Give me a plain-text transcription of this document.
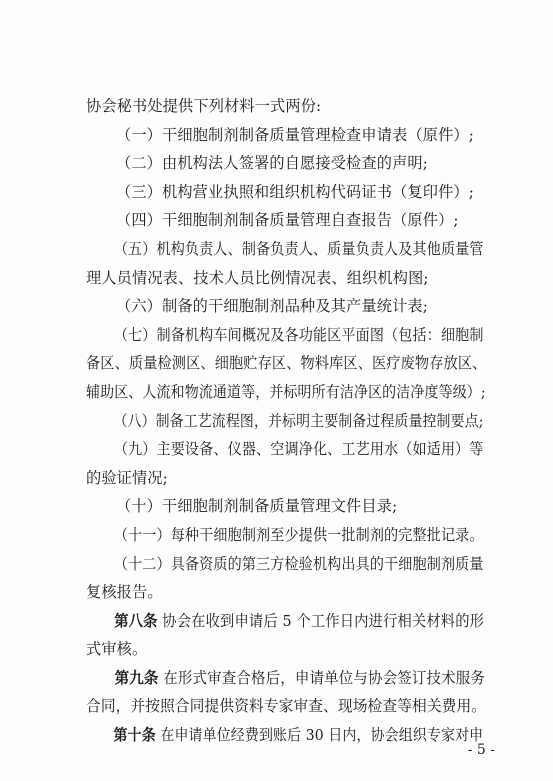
协会秘书处提供下列材料一式两份:
（一）干细胞制剂制备质量管理检查申请表（原件）;
（二）由机构法人签署的自愿接受检查的声明;
（三）机构营业执照和组织机构代码证书（复印件）;
（四）干细胞制剂制备质量管理自查报告（原件）;
（五）机构负责人、制备负责人、质量负责人及其他质量管
理人员情况表、技术人员比例情况表、组织机构图;
（六）制备的干细胞制剂品种及其产量统计表;
（七）制备机构车间概况及各功能区平面图（包括：细胞制
备区、质量检测区、细胞贮存区、物料库区、医疗废物存放区、
辅助区、人流和物流通道等，并标明所有洁净区的洁净度等级）;
（八）制备工艺流程图，并标明主要制备过程质量控制要点;
（九）主要设备、仪器、空调净化、工艺用水（如适用）等
的验证情况;
（十）干细胞制剂制备质量管理文件目录;
（十一）每种干细胞制剂至少提供一批制剂的完整批记录。
（十二）具备资质的第三方检验机构出具的干细胞制剂质量
复核报告。
第八条 协会在收到申请后 5 个工作日内进行相关材料的形
式审核。
第九条 在形式审查合格后，申请单位与协会签订技术服务
合同，并按照合同提供资料专家审查、现场检查等相关费用。
第十条 在申请单位经费到账后 30 日内，协会组织专家对申
- 5 -
